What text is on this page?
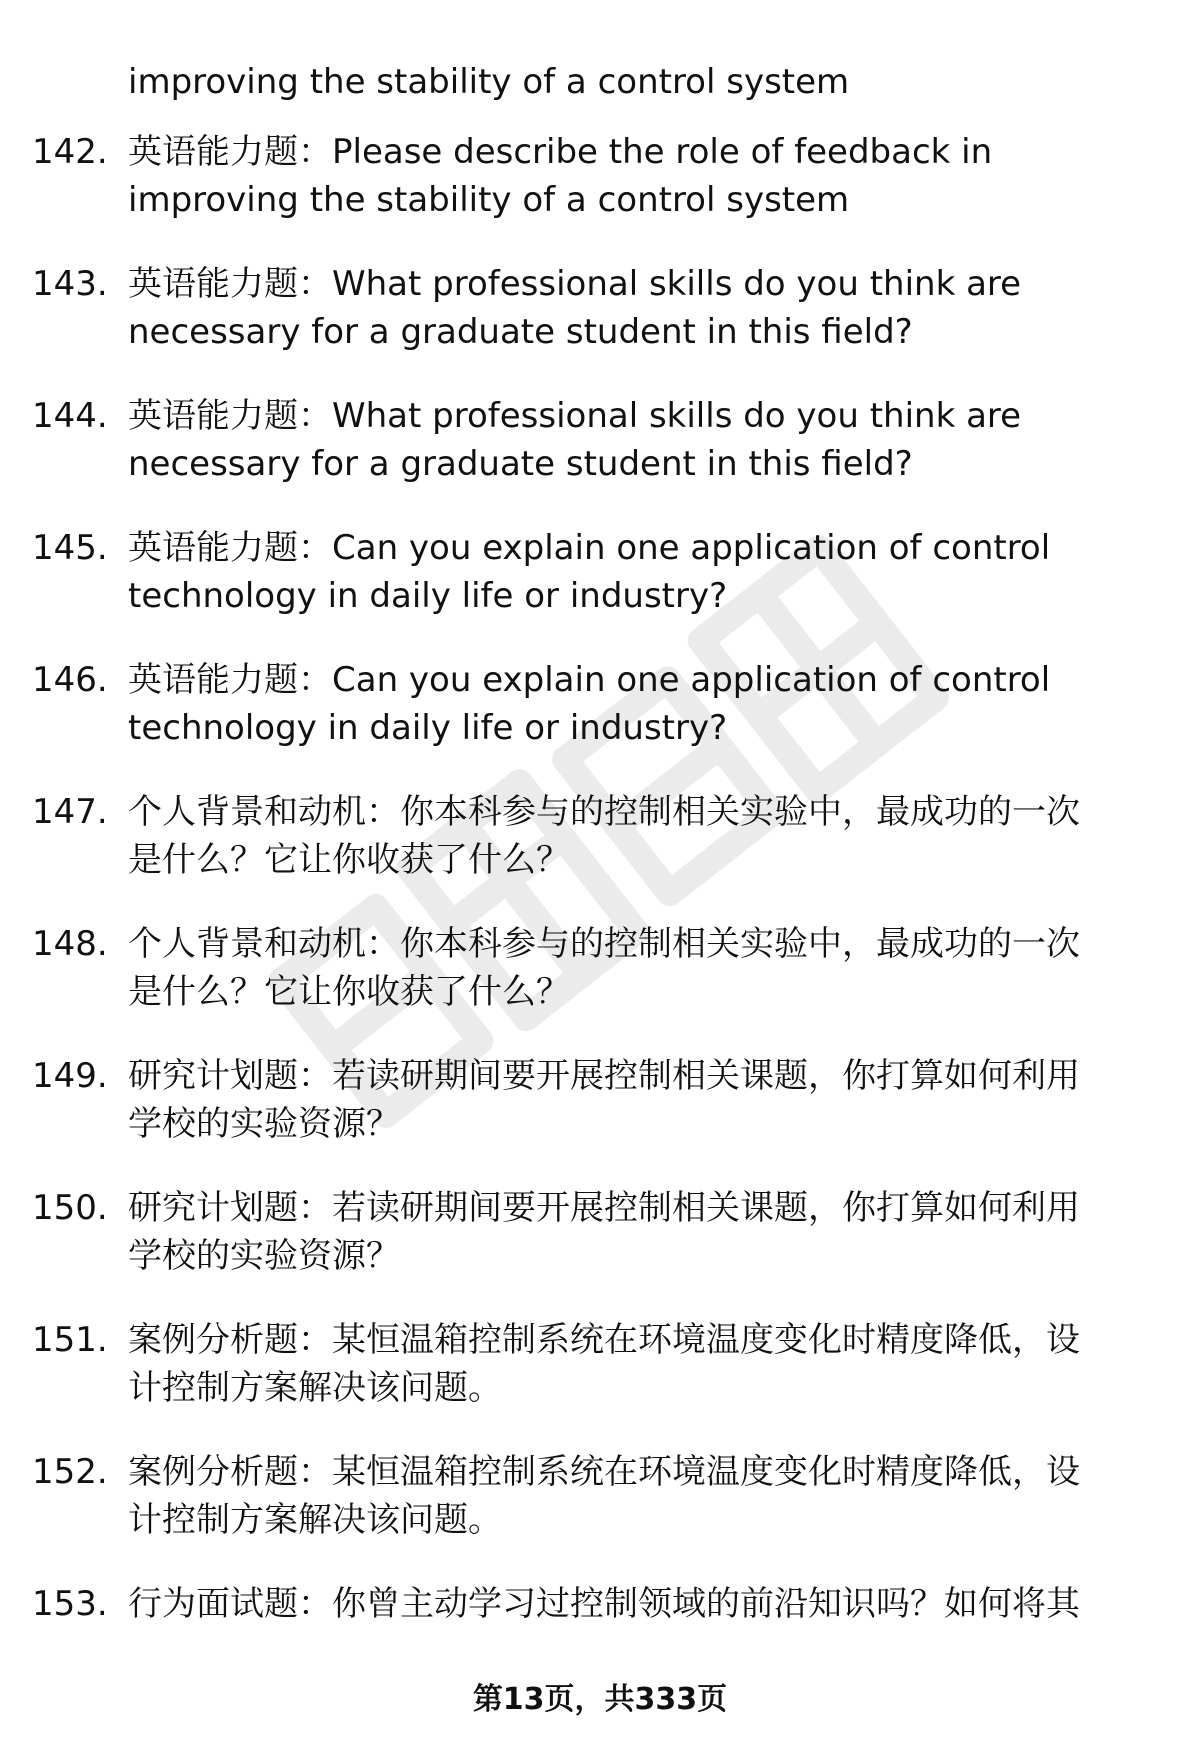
improving the stability of a control system
142. 英语能力题：Please describe the role of feedback in
improving the stability of a control system
143. 英语能力题：What professional skills do you think are
necessary for a graduate student in this field?
144. 英语能力题：What professional skills do you think are
necessary for a graduate student in this field?
145. 英语能力题：Can you explain one application of control
technology in daily life or industry?
146. 英语能力题：Can you explain one application of control
technology in daily life or industry?
147. 个人背景和动机：你本科参与的控制相关实验中，最成功的一次
是什么？它让你收获了什么？
148. 个人背景和动机：你本科参与的控制相关实验中，最成功的一次
是什么？它让你收获了什么？
149. 研究计划题：若读研期间要开展控制相关课题，你打算如何利用
学校的实验资源？
150. 研究计划题：若读研期间要开展控制相关课题，你打算如何利用
学校的实验资源？
151. 案例分析题：某恒温箱控制系统在环境温度变化时精度降低，设
计控制方案解决该问题。
152. 案例分析题：某恒温箱控制系统在环境温度变化时精度降低，设
计控制方案解决该问题。
153. 行为面试题：你曾主动学习过控制领域的前沿知识吗？如何将其
第13页，共333页
